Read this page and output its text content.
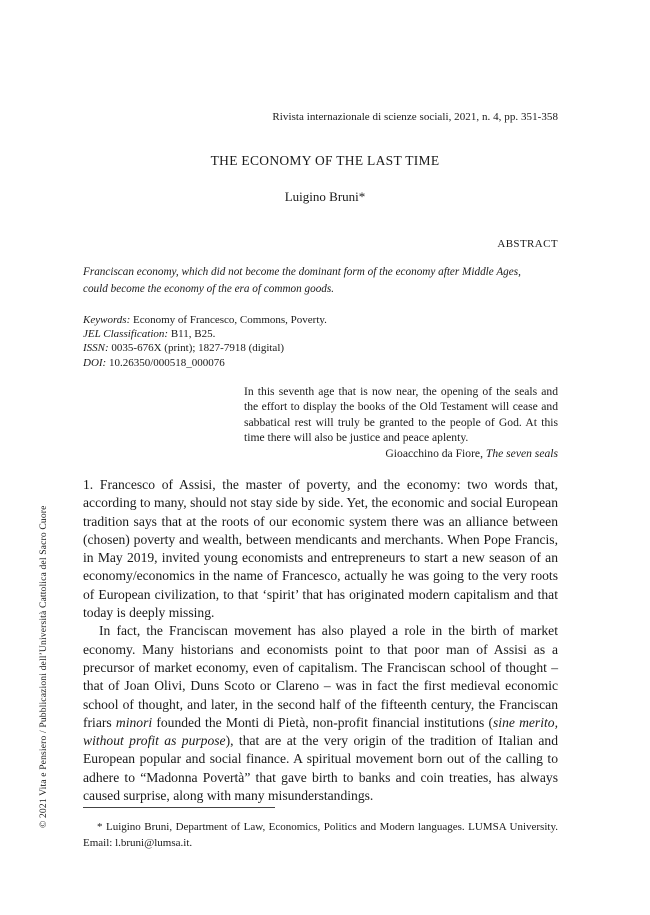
Rivista internazionale di scienze sociali, 2021, n. 4, pp. 351-358
THE ECONOMY OF THE LAST TIME
Luigino Bruni*
ABSTRACT
Franciscan economy, which did not become the dominant form of the economy after Middle Ages,
could become the economy of the era of common goods.
Keywords: Economy of Francesco, Commons, Poverty.
JEL Classification: B11, B25.
ISSN: 0035-676X (print); 1827-7918 (digital)
DOI: 10.26350/000518_000076
In this seventh age that is now near, the opening of the seals and the effort to display the books of the Old Testament will cease and sabbatical rest will truly be granted to the people of God. At this time there will also be justice and peace aplenty.
Gioacchino da Fiore, The seven seals

1. Francesco of Assisi, the master of poverty, and the economy: two words that, according to many, should not stay side by side. Yet, the economic and social European tradition says that at the roots of our economic system there was an alliance between (chosen) poverty and wealth, between mendicants and merchants. When Pope Francis, in May 2019, invited young economists and entrepreneurs to start a new season of an economy/economics in the name of Francesco, actually he was going to the very roots of European civilization, to that ‘spirit’ that has originated modern capitalism and that today is deeply missing.

In fact, the Franciscan movement has also played a role in the birth of market economy. Many historians and economists point to that poor man of Assisi as a precursor of market economy, even of capitalism. The Franciscan school of thought – that of Joan Olivi, Duns Scoto or Clareno – was in fact the first medieval economic school of thought, and later, in the second half of the fifteenth century, the Franciscan friars minori founded the Monti di Pietà, non-profit financial institutions (sine merito, without profit as purpose), that are at the very origin of the tradition of Italian and European popular and social finance. A spiritual movement born out of the calling to adhere to “Madonna Povertà” that gave birth to banks and coin treaties, has always caused surprise, along with many misunderstandings.

* Luigino Bruni, Department of Law, Economics, Politics and Modern languages. LUMSA University. Email: l.bruni@lumsa.it.
© 2021 Vita e Pensiero / Pubblicazioni dell’Università Cattolica del Sacro Cuore
